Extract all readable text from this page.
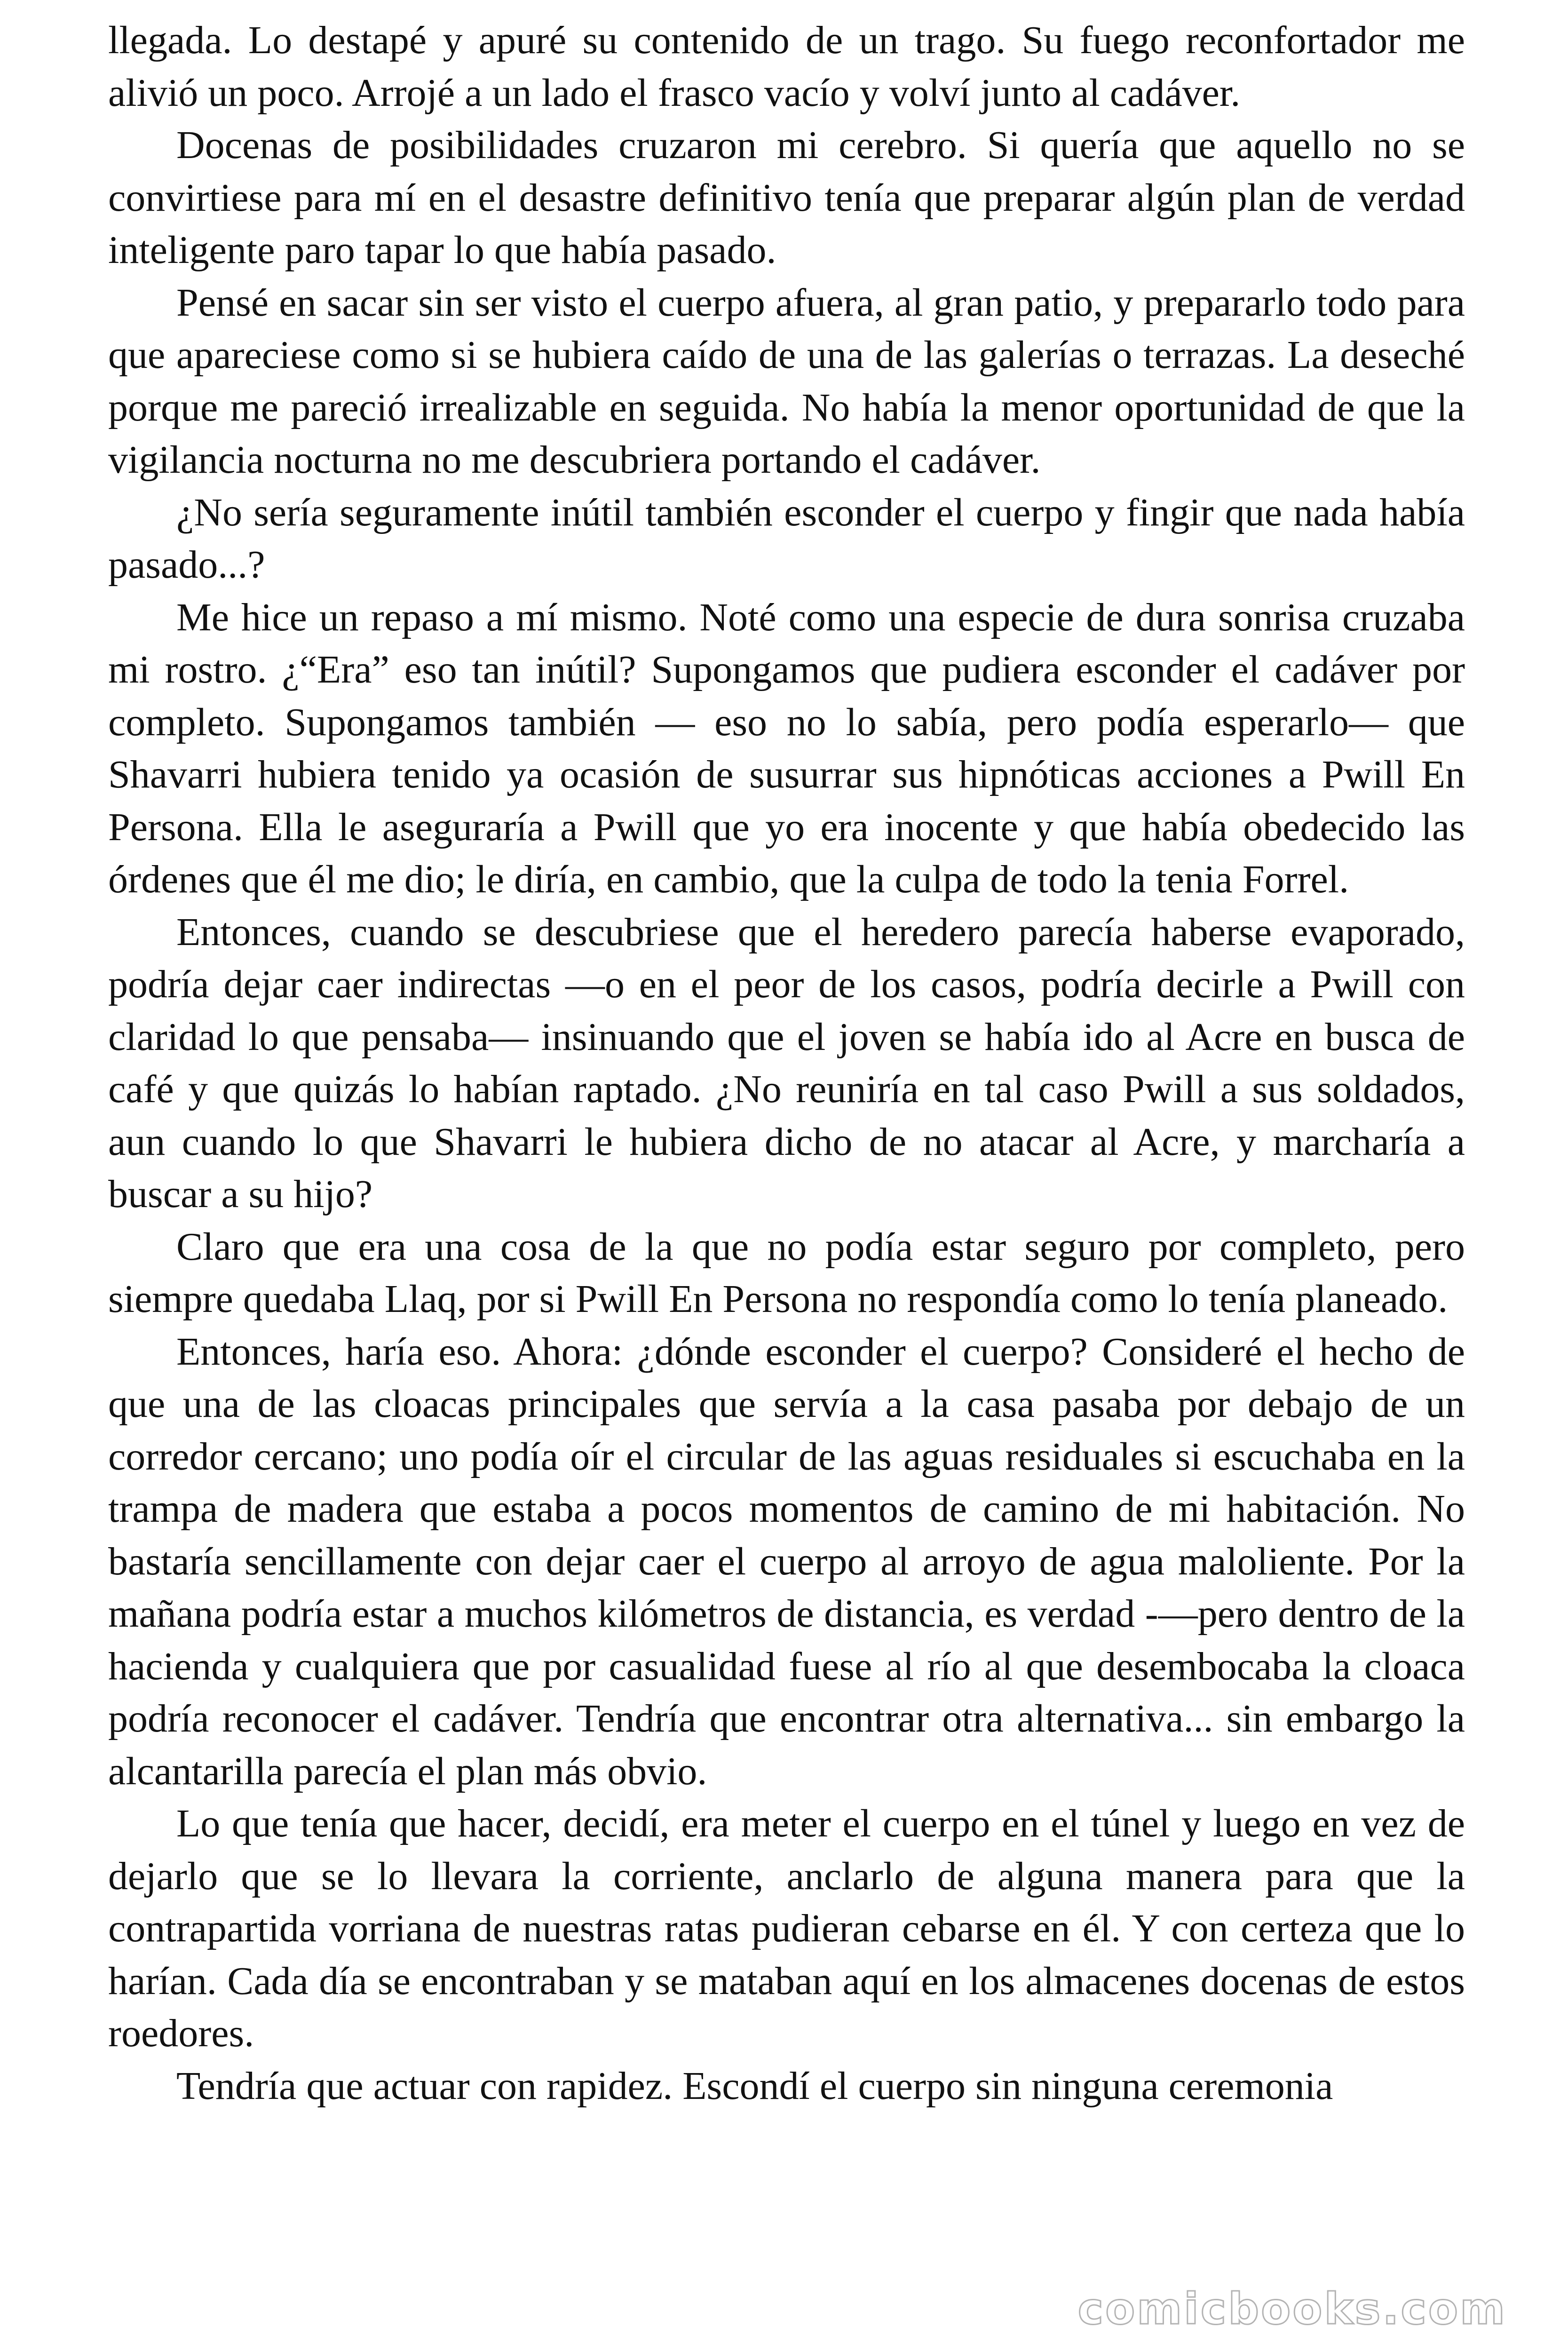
llegada. Lo destapé y apuré su contenido de un trago. Su fuego reconfortador me alivió un poco. Arrojé a un lado el frasco vacío y volví junto al cadáver.

Docenas de posibilidades cruzaron mi cerebro. Si quería que aquello no se convirtiese para mí en el desastre definitivo tenía que preparar algún plan de verdad inteligente paro tapar lo que había pasado.

Pensé en sacar sin ser visto el cuerpo afuera, al gran patio, y prepararlo todo para que apareciese como si se hubiera caído de una de las galerías o terrazas. La deseché porque me pareció irrealizable en seguida. No había la menor oportunidad de que la vigilancia nocturna no me descubriera portando el cadáver.

¿No sería seguramente inútil también esconder el cuerpo y fingir que nada había pasado...?

Me hice un repaso a mí mismo. Noté como una especie de dura sonrisa cruzaba mi rostro. ¿“Era” eso tan inútil? Supongamos que pudiera esconder el cadáver por completo. Supongamos también — eso no lo sabía, pero podía esperarlo— que Shavarri hubiera tenido ya ocasión de susurrar sus hipnóticas acciones a Pwill En Persona. Ella le aseguraría a Pwill que yo era inocente y que había obedecido las órdenes que él me dio; le diría, en cambio, que la culpa de todo la tenia Forrel.

Entonces, cuando se descubriese que el heredero parecía haberse evaporado, podría dejar caer indirectas —o en el peor de los casos, podría decirle a Pwill con claridad lo que pensaba— insinuando que el joven se había ido al Acre en busca de café y que quizás lo habían raptado. ¿No reuniría en tal caso Pwill a sus soldados, aun cuando lo que Shavarri le hubiera dicho de no atacar al Acre, y marcharía a buscar a su hijo?

Claro que era una cosa de la que no podía estar seguro por completo, pero siempre quedaba Llaq, por si Pwill En Persona no respondía como lo tenía planeado.

Entonces, haría eso. Ahora: ¿dónde esconder el cuerpo? Consideré el hecho de que una de las cloacas principales que servía a la casa pasaba por debajo de un corredor cercano; uno podía oír el circular de las aguas residuales si escuchaba en la trampa de madera que estaba a pocos momentos de camino de mi habitación. No bastaría sencillamente con dejar caer el cuerpo al arroyo de agua maloliente. Por la mañana podría estar a muchos kilómetros de distancia, es verdad -—pero dentro de la hacienda y cualquiera que por casualidad fuese al río al que desembocaba la cloaca podría reconocer el cadáver. Tendría que encontrar otra alternativa... sin embargo la alcantarilla parecía el plan más obvio.

Lo que tenía que hacer, decidí, era meter el cuerpo en el túnel y luego en vez de dejarlo que se lo llevara la corriente, anclarlo de alguna manera para que la contrapartida vorriana de nuestras ratas pudieran cebarse en él. Y con certeza que lo harían. Cada día se encontraban y se mataban aquí en los almacenes docenas de estos roedores.

Tendría que actuar con rapidez. Escondí el cuerpo sin ninguna ceremonia

comicbooks.com
